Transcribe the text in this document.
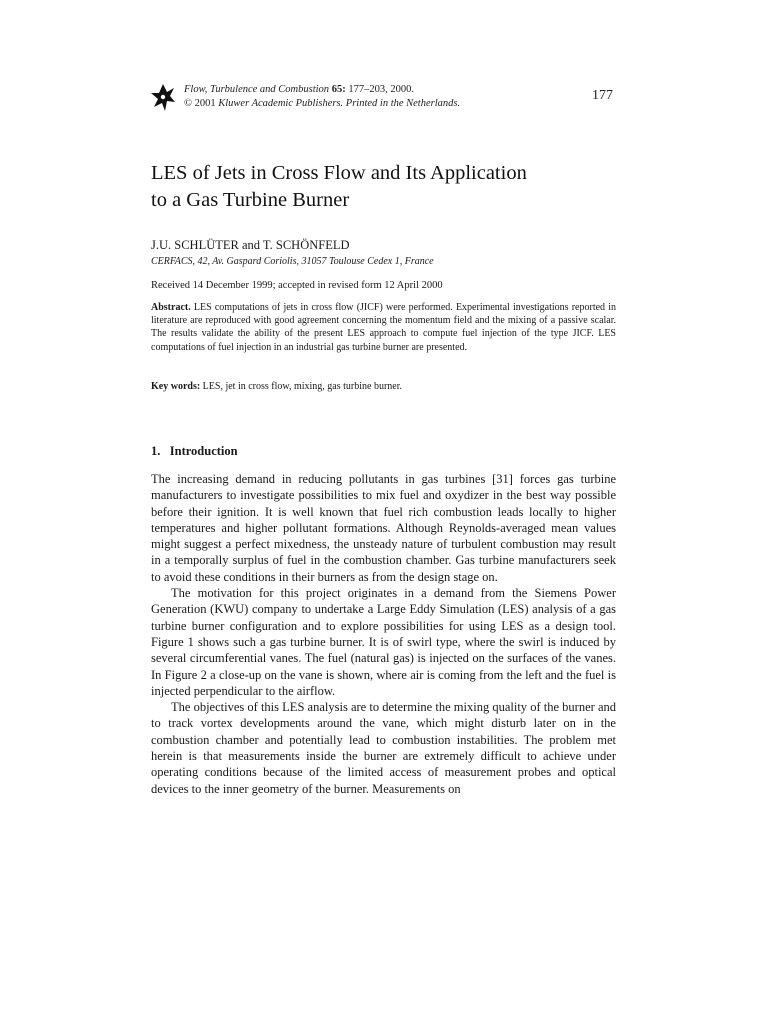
Flow, Turbulence and Combustion 65: 177–203, 2000.
© 2001 Kluwer Academic Publishers. Printed in the Netherlands.
177
LES of Jets in Cross Flow and Its Application
to a Gas Turbine Burner
J.U. SCHLÜTER and T. SCHÖNFELD
CERFACS, 42, Av. Gaspard Coriolis, 31057 Toulouse Cedex 1, France
Received 14 December 1999; accepted in revised form 12 April 2000
Abstract. LES computations of jets in cross flow (JICF) were performed. Experimental investigations reported in literature are reproduced with good agreement concerning the momentum field and the mixing of a passive scalar. The results validate the ability of the present LES approach to compute fuel injection of the type JICF. LES computations of fuel injection in an industrial gas turbine burner are presented.
Key words: LES, jet in cross flow, mixing, gas turbine burner.
1.   Introduction

The increasing demand in reducing pollutants in gas turbines [31] forces gas turbine manufacturers to investigate possibilities to mix fuel and oxydizer in the best way possible before their ignition. It is well known that fuel rich combustion leads locally to higher temperatures and higher pollutant formations. Although Reynolds-averaged mean values might suggest a perfect mixedness, the unsteady nature of turbulent combustion may result in a temporally surplus of fuel in the combustion chamber. Gas turbine manufacturers seek to avoid these conditions in their burners as from the design stage on.

The motivation for this project originates in a demand from the Siemens Power Generation (KWU) company to undertake a Large Eddy Simulation (LES) analysis of a gas turbine burner configuration and to explore possibilities for using LES as a design tool. Figure 1 shows such a gas turbine burner. It is of swirl type, where the swirl is induced by several circumferential vanes. The fuel (natural gas) is injected on the surfaces of the vanes. In Figure 2 a close-up on the vane is shown, where air is coming from the left and the fuel is injected perpendicular to the airflow.

The objectives of this LES analysis are to determine the mixing quality of the burner and to track vortex developments around the vane, which might disturb later on in the combustion chamber and potentially lead to combustion instabilities. The problem met herein is that measurements inside the burner are extremely difficult to achieve under operating conditions because of the limited access of measurement probes and optical devices to the inner geometry of the burner. Measurements on
